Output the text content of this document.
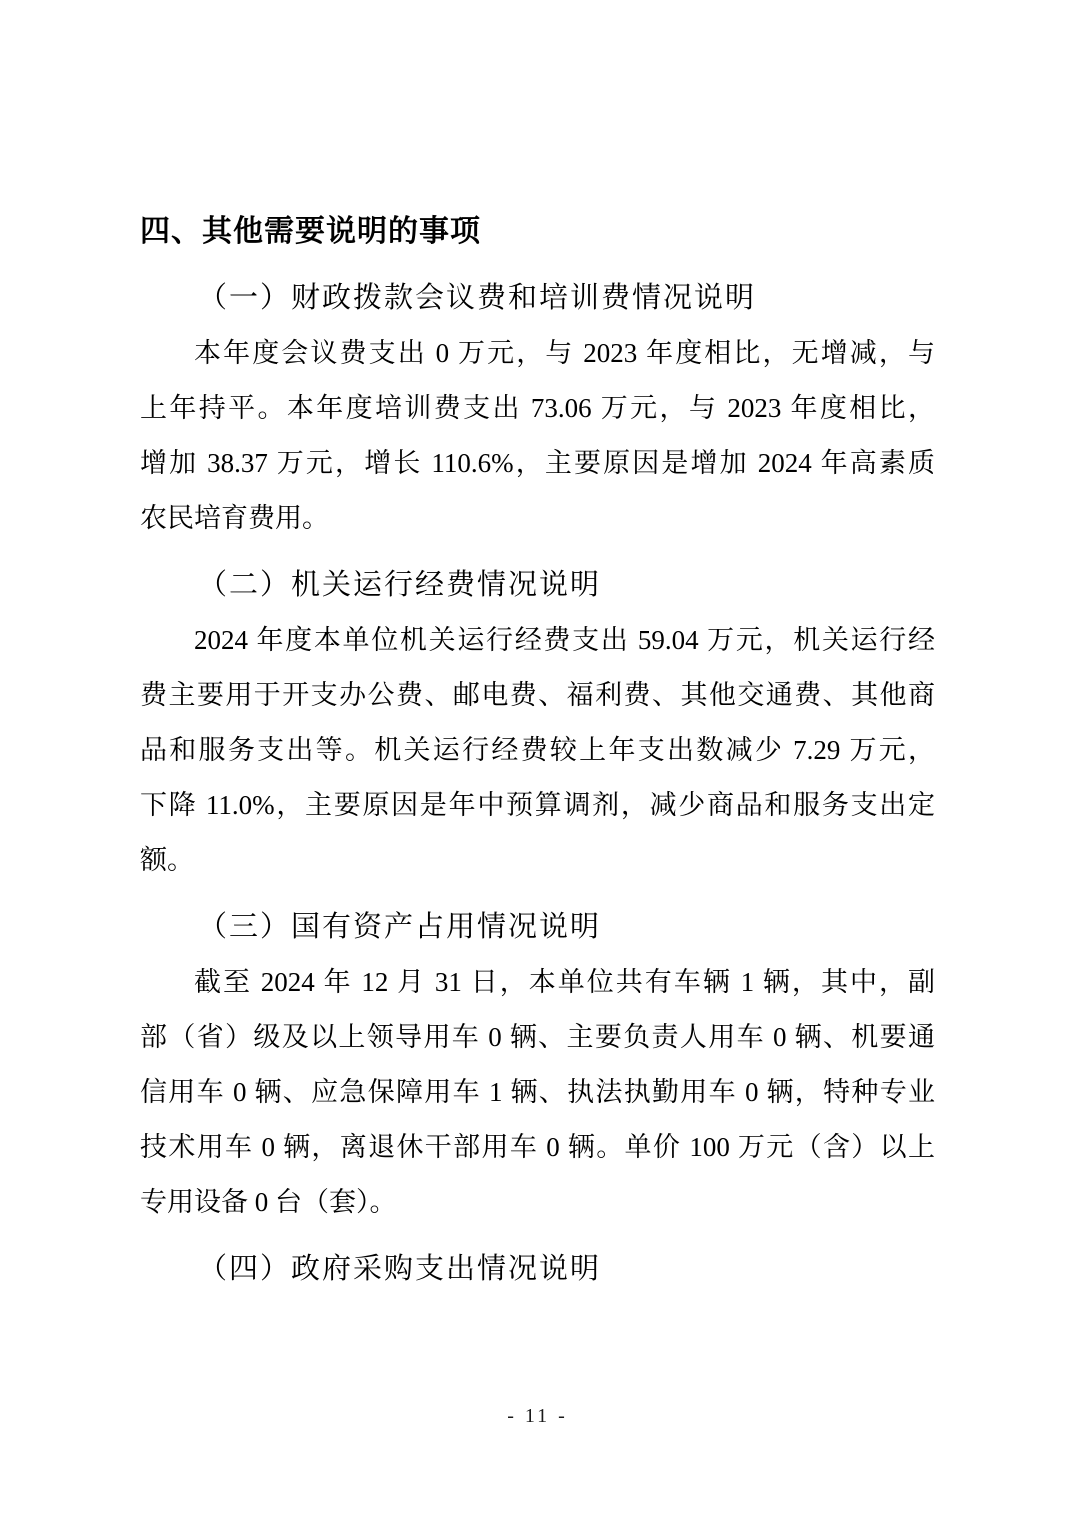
四、其他需要说明的事项
（一）财政拨款会议费和培训费情况说明
本年度会议费支出 0 万元，与 2023 年度相比，无增减，与
上年持平。本年度培训费支出 73.06 万元，与 2023 年度相比，
增加 38.37 万元，增长 110.6%，主要原因是增加 2024 年高素质
农民培育费用。
（二）机关运行经费情况说明
2024 年度本单位机关运行经费支出 59.04 万元，机关运行经
费主要用于开支办公费、邮电费、福利费、其他交通费、其他商
品和服务支出等。机关运行经费较上年支出数减少 7.29 万元，
下降 11.0%，主要原因是年中预算调剂，减少商品和服务支出定
额。
（三）国有资产占用情况说明
截至 2024 年 12 月 31 日，本单位共有车辆 1 辆，其中，副
部（省）级及以上领导用车 0 辆、主要负责人用车 0 辆、机要通
信用车 0 辆、应急保障用车 1 辆、执法执勤用车 0 辆，特种专业
技术用车 0 辆，离退休干部用车 0 辆。单价 100 万元（含）以上
专用设备 0 台（套）。
（四）政府采购支出情况说明
- 11 -
